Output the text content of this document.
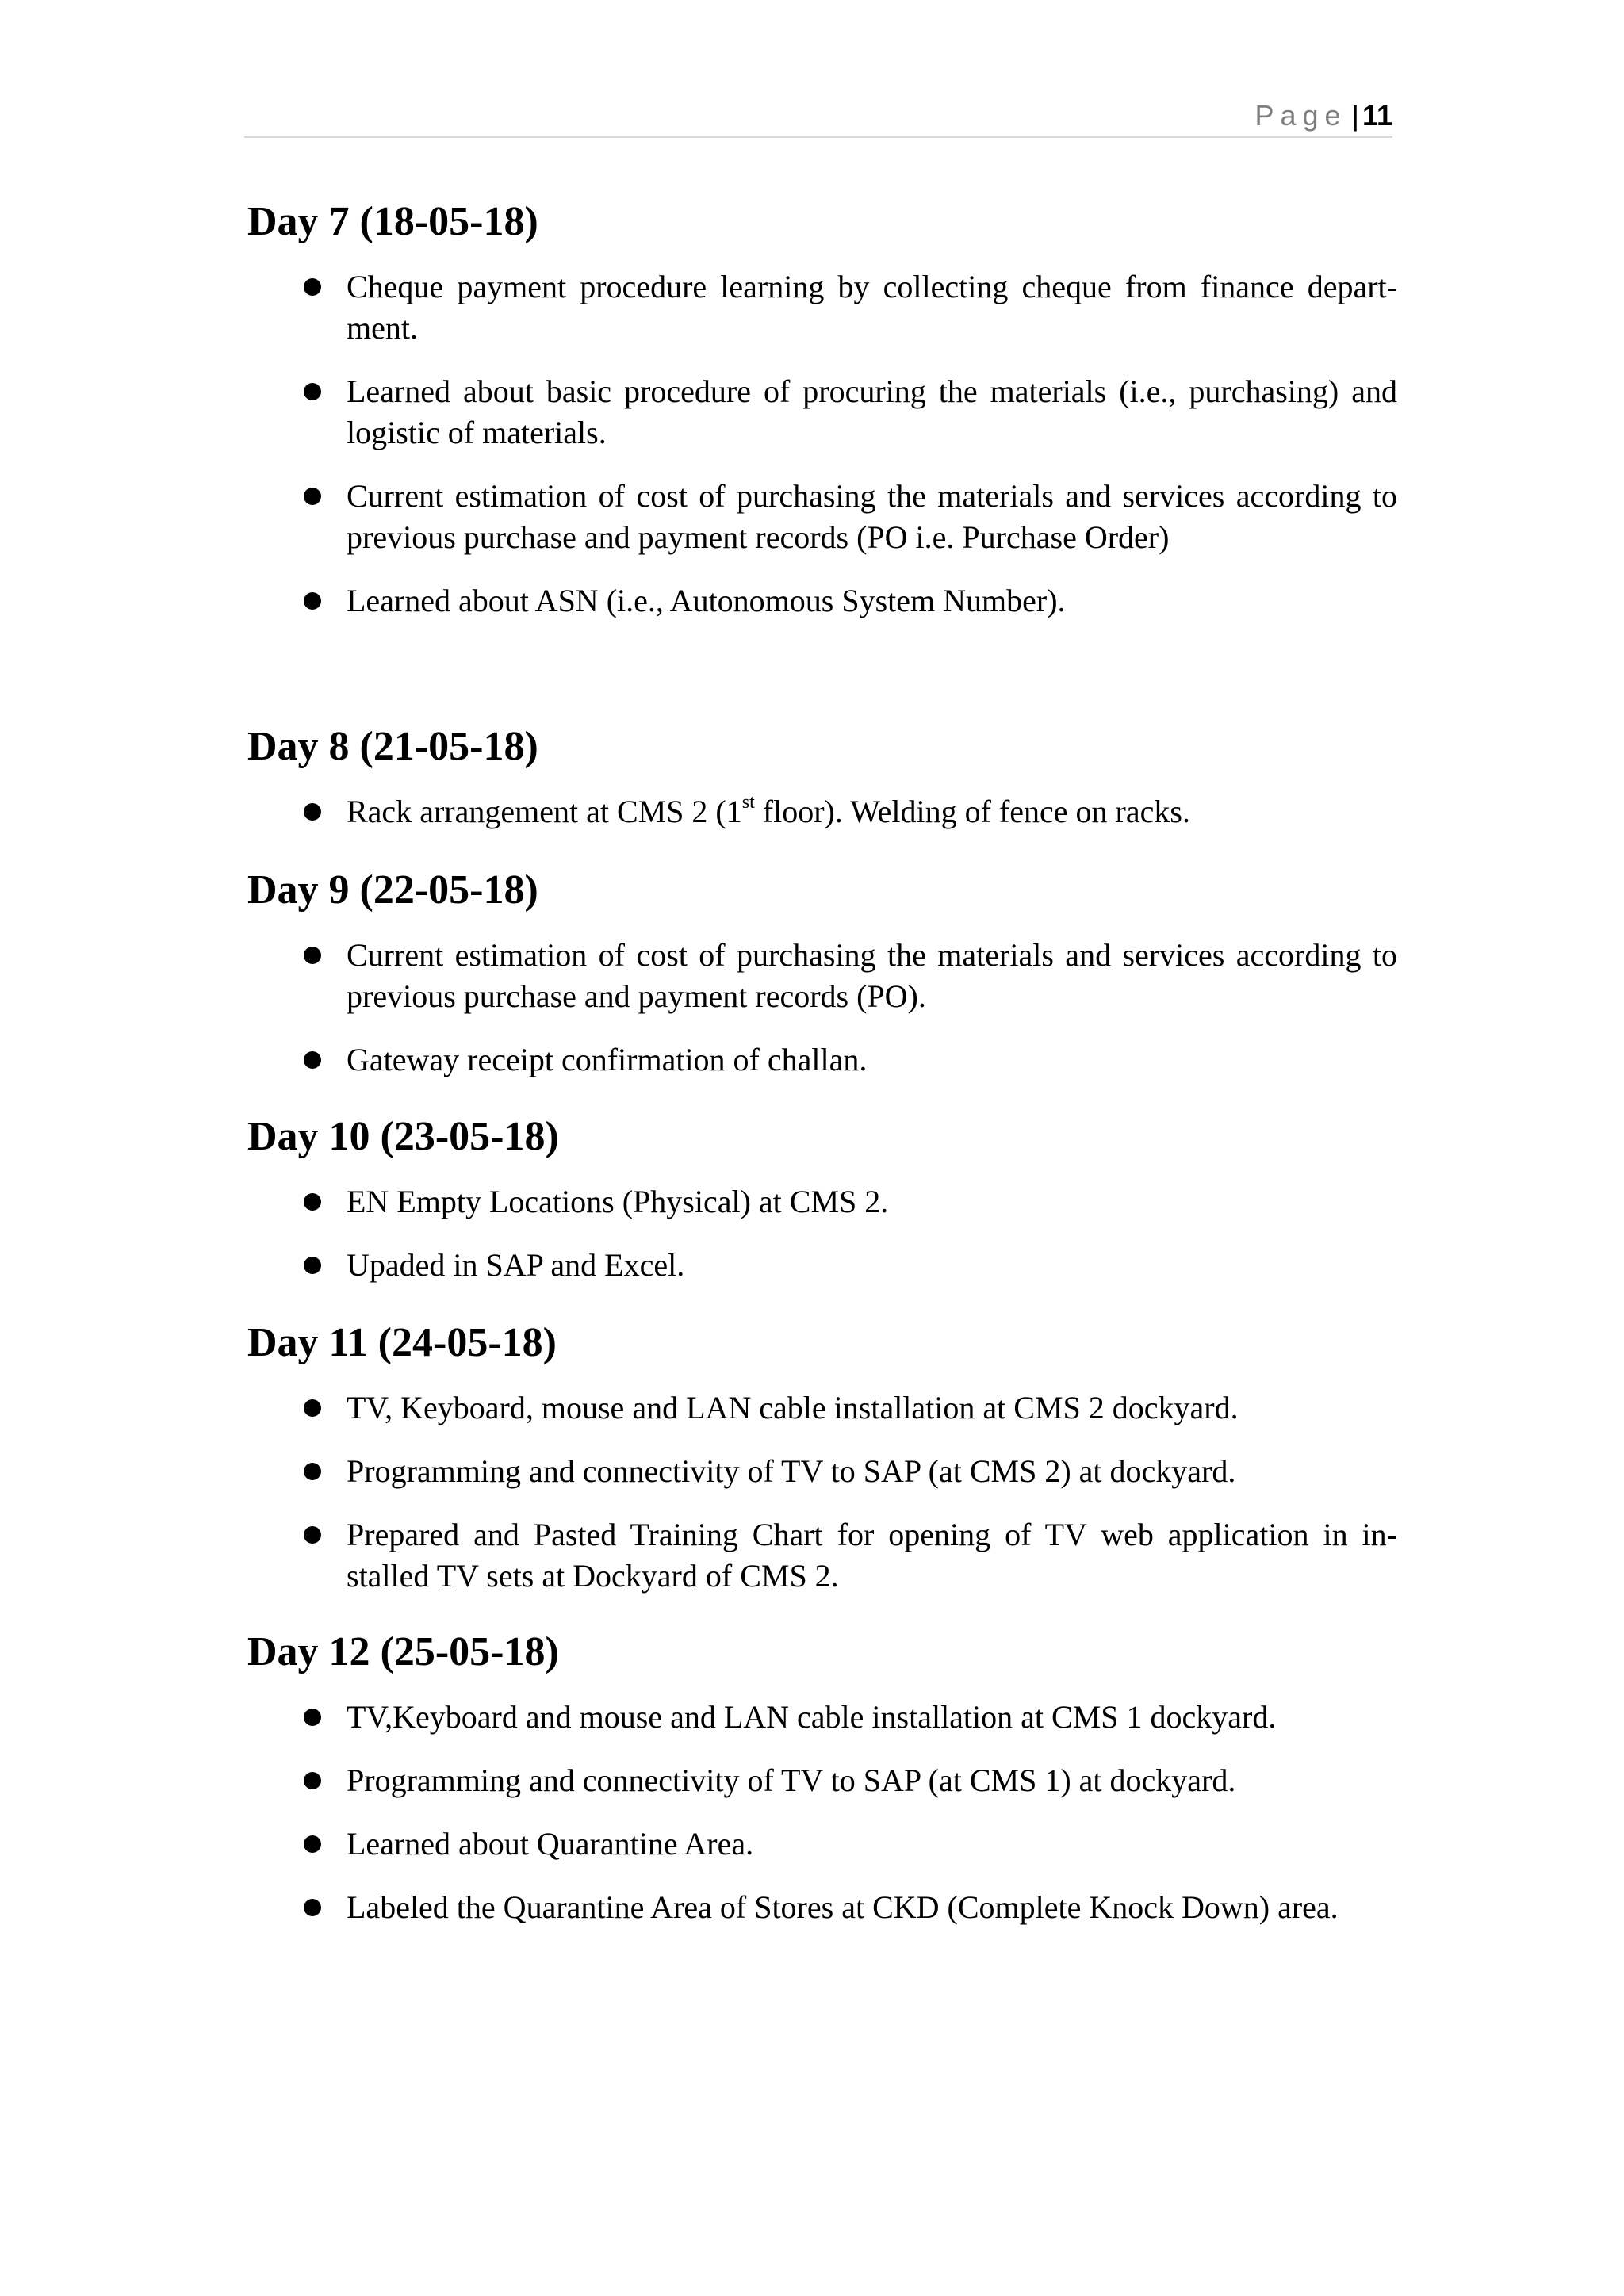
Page | 11
Day 7 (18-05-18)
Cheque payment procedure learning by collecting cheque from finance depart-ment.
Learned about basic procedure of procuring the materials (i.e., purchasing) and logistic of materials.
Current estimation of cost of purchasing the materials and services according to previous purchase and payment records (PO i.e. Purchase Order)
Learned about ASN (i.e., Autonomous System Number).
Day 8 (21-05-18)
Rack arrangement at CMS 2 (1st floor). Welding of fence on racks.
Day 9 (22-05-18)
Current estimation of cost of purchasing the materials and services according to previous purchase and payment records (PO).
Gateway receipt confirmation of challan.
Day 10 (23-05-18)
EN Empty Locations (Physical) at CMS 2.
Upaded in SAP and Excel.
Day 11 (24-05-18)
TV, Keyboard, mouse and LAN cable installation at CMS 2 dockyard.
Programming and connectivity of TV to SAP (at CMS 2) at dockyard.
Prepared and Pasted Training Chart for opening of TV web application in in-stalled TV sets at Dockyard of CMS 2.
Day 12 (25-05-18)
TV,Keyboard and mouse and LAN cable installation at CMS 1 dockyard.
Programming and connectivity of TV to SAP (at CMS 1) at dockyard.
Learned about Quarantine Area.
Labeled the Quarantine Area of Stores at CKD (Complete Knock Down) area.
